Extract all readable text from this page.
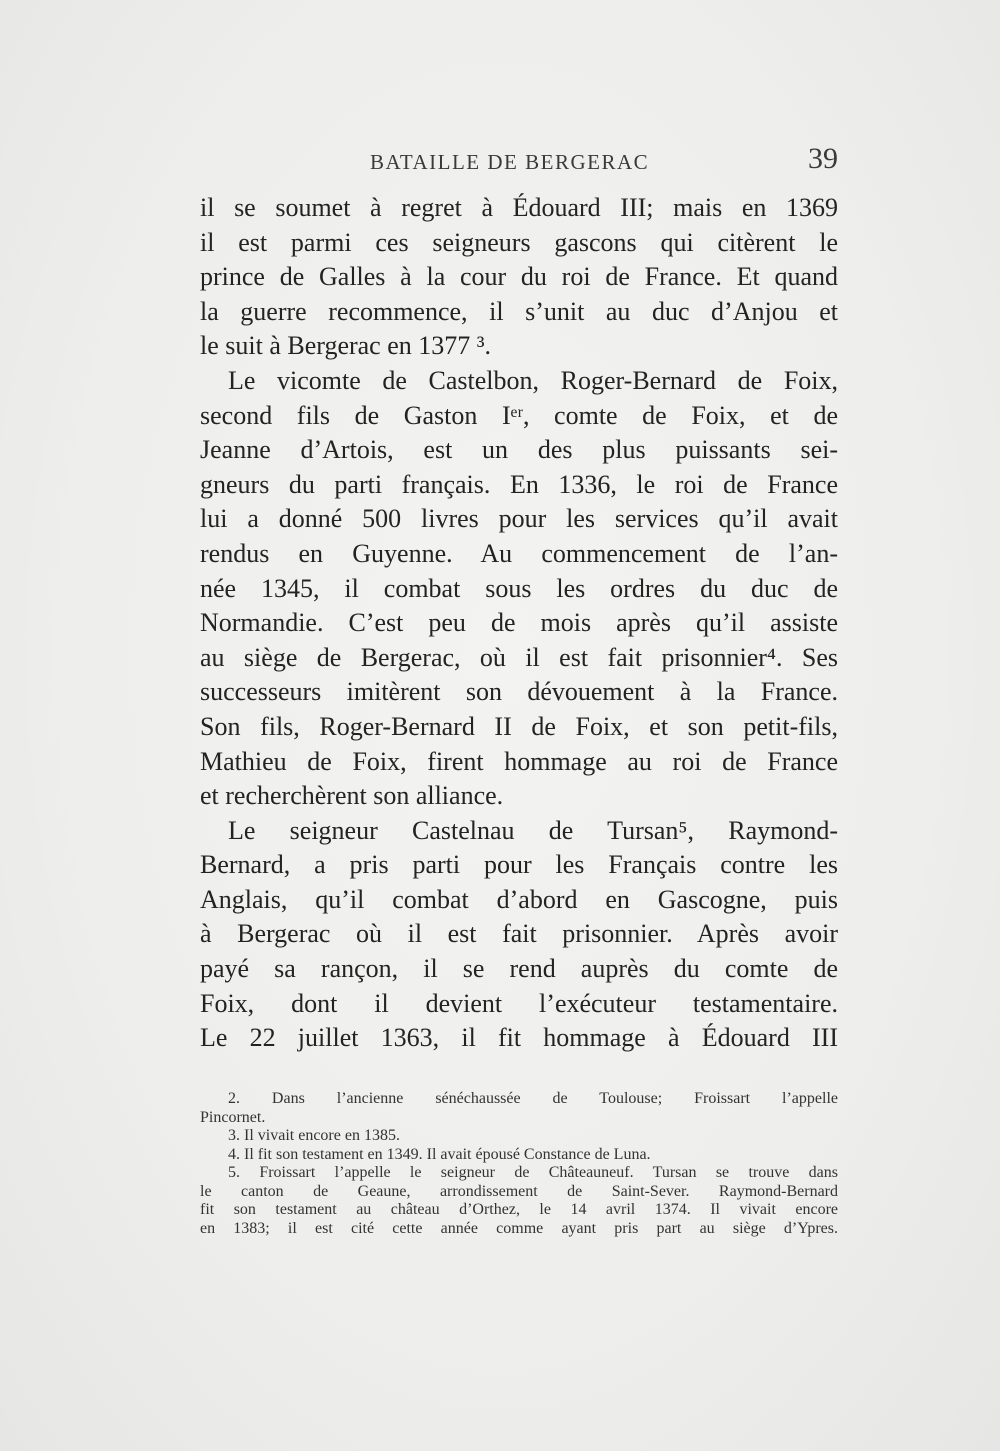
BATAILLE DE BERGERAC	39
il se soumet à regret à Édouard III; mais en 1369
il est parmi ces seigneurs gascons qui citèrent le
prince de Galles à la cour du roi de France. Et quand
la guerre recommence, il s’unit au duc d’Anjou et
le suit à Bergerac en 1377 ³.
Le vicomte de Castelbon, Roger-Bernard de Foix,
second fils de Gaston Iᵉʳ, comte de Foix, et de
Jeanne d’Artois, est un des plus puissants sei-
gneurs du parti français. En 1336, le roi de France
lui a donné 500 livres pour les services qu’il avait
rendus en Guyenne. Au commencement de l’an-
née 1345, il combat sous les ordres du duc de
Normandie. C’est peu de mois après qu’il assiste
au siège de Bergerac, où il est fait prisonnier⁴. Ses
successeurs imitèrent son dévouement à la France.
Son fils, Roger-Bernard II de Foix, et son petit-fils,
Mathieu de Foix, firent hommage au roi de France
et recherchèrent son alliance.
Le seigneur Castelnau de Tursan⁵, Raymond-
Bernard, a pris parti pour les Français contre les
Anglais, qu’il combat d’abord en Gascogne, puis
à Bergerac où il est fait prisonnier. Après avoir
payé sa rançon, il se rend auprès du comte de
Foix, dont il devient l’exécuteur testamentaire.
Le 22 juillet 1363, il fit hommage à Édouard III
2. Dans l’ancienne sénéchaussée de Toulouse; Froissart l’appelle
Pincornet.
3. Il vivait encore en 1385.
4. Il fit son testament en 1349. Il avait épousé Constance de Luna.
5. Froissart l’appelle le seigneur de Châteauneuf. Tursan se trouve dans
le canton de Geaune, arrondissement de Saint-Sever. Raymond-Bernard
fit son testament au château d’Orthez, le 14 avril 1374. Il vivait encore
en 1383; il est cité cette année comme ayant pris part au siège d’Ypres.
